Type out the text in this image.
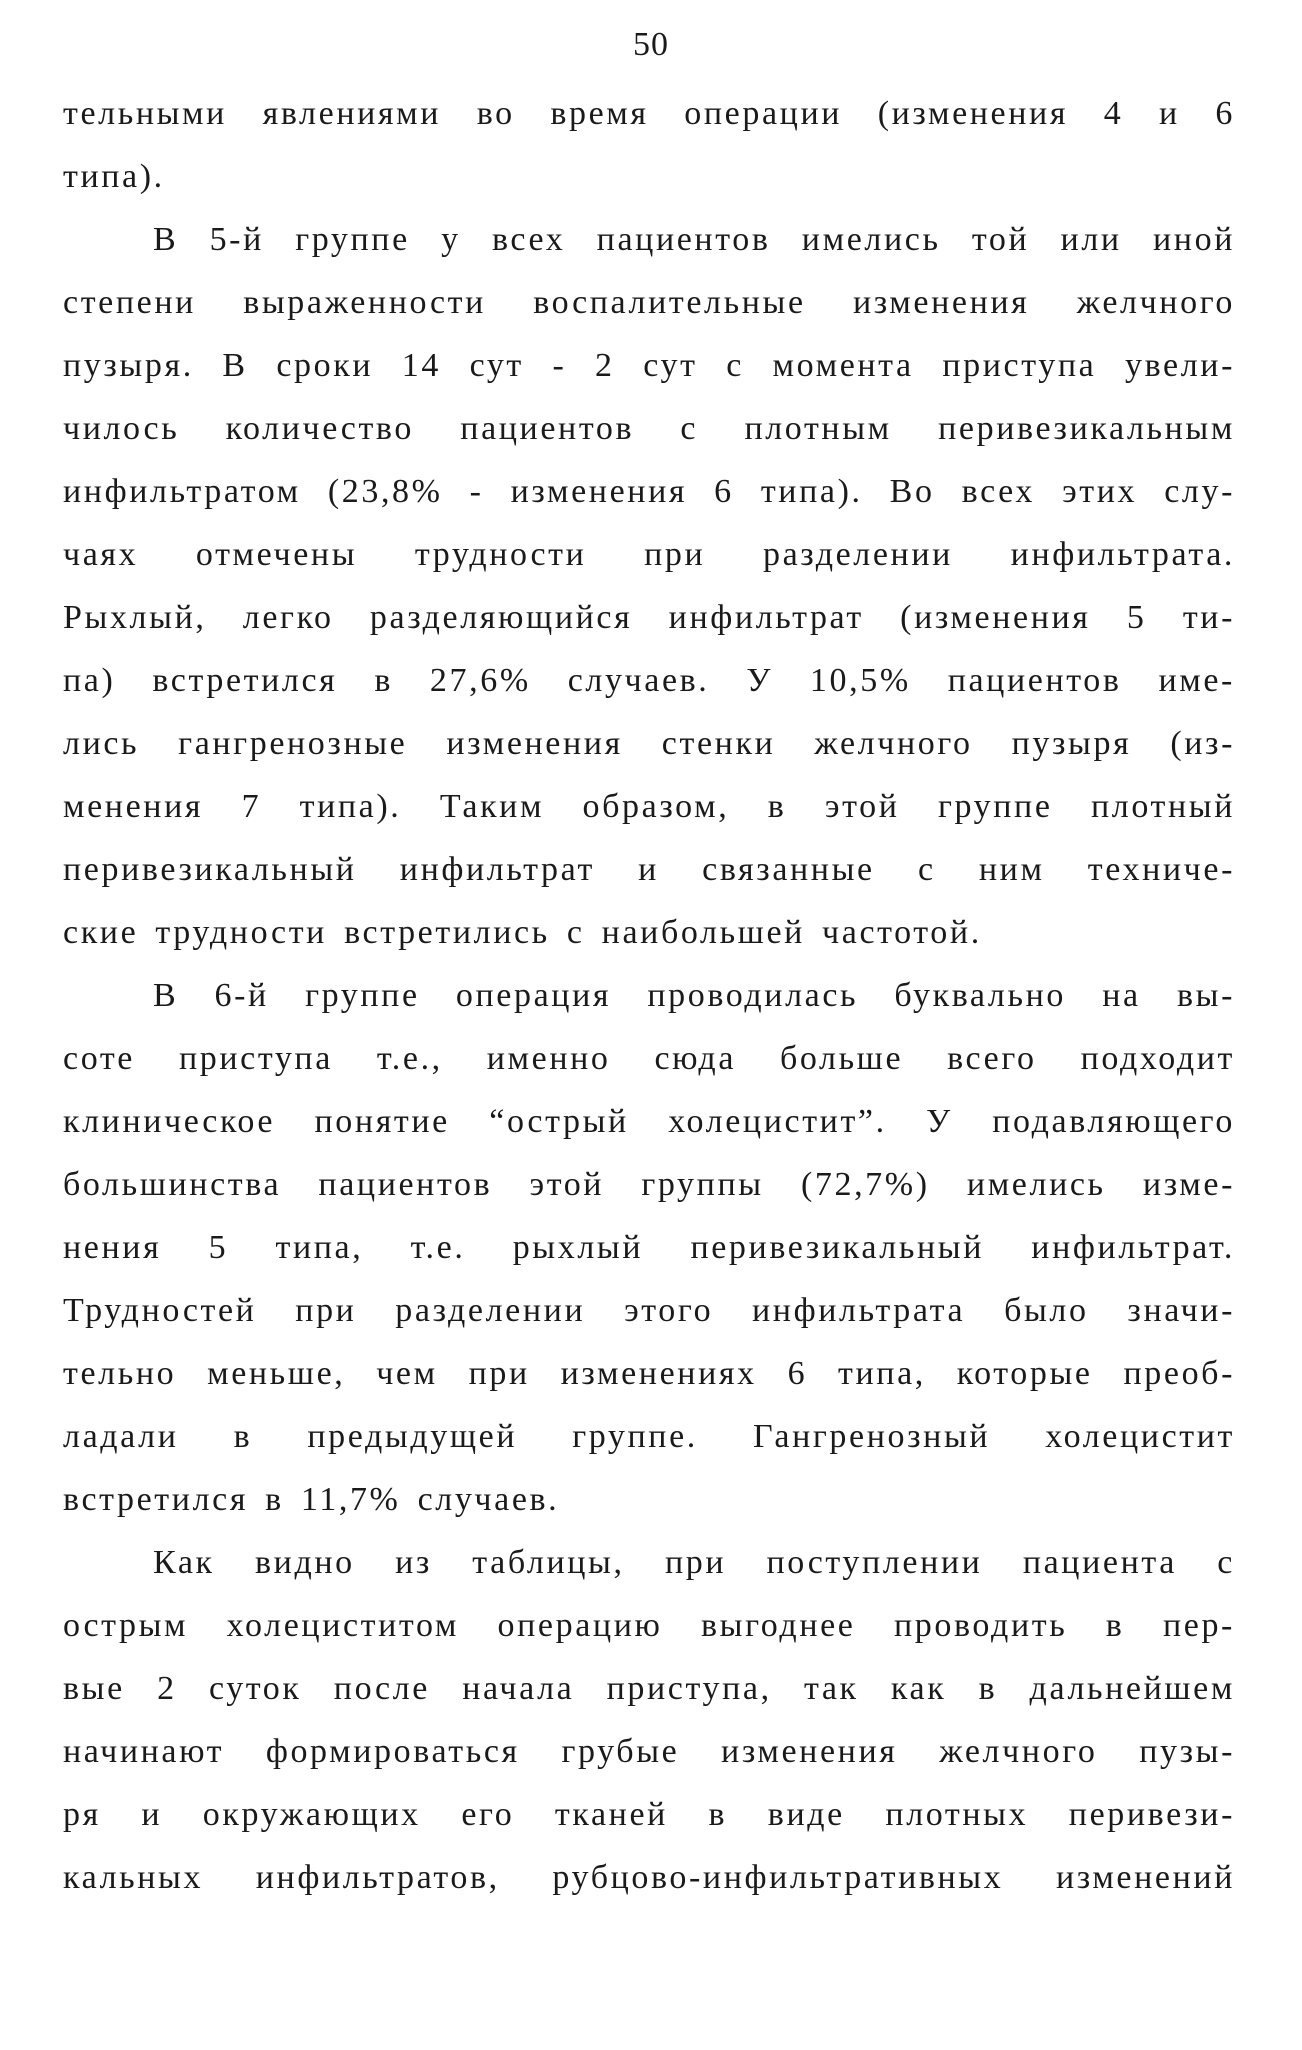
50
тельными явлениями во время операции (изменения 4 и 6
типа).
В 5-й группе у всех пациентов имелись той или иной
степени выраженности воспалительные изменения желчного
пузыря. В сроки 14 сут - 2 сут с момента приступа увели-
чилось количество пациентов с плотным перивезикальным
инфильтратом (23,8% - изменения 6 типа). Во всех этих слу-
чаях отмечены трудности при разделении инфильтрата.
Рыхлый, легко разделяющийся инфильтрат (изменения 5 ти-
па) встретился в 27,6% случаев. У 10,5% пациентов име-
лись гангренозные изменения стенки желчного пузыря (из-
менения 7 типа). Таким образом, в этой группе плотный
перивезикальный инфильтрат и связанные с ним техниче-
ские трудности встретились с наибольшей частотой.
В 6-й группе операция проводилась буквально на вы-
соте приступа т.е., именно сюда больше всего подходит
клиническое понятие “острый холецистит”. У подавляющего
большинства пациентов этой группы (72,7%) имелись изме-
нения 5 типа, т.е. рыхлый перивезикальный инфильтрат.
Трудностей при разделении этого инфильтрата было значи-
тельно меньше, чем при изменениях 6 типа, которые преоб-
ладали в предыдущей группе. Гангренозный холецистит
встретился в 11,7% случаев.
Как видно из таблицы, при поступлении пациента с
острым холециститом операцию выгоднее проводить в пер-
вые 2 суток после начала приступа, так как в дальнейшем
начинают формироваться грубые изменения желчного пузы-
ря и окружающих его тканей в виде плотных перивези-
кальных инфильтратов, рубцово-инфильтративных изменений
